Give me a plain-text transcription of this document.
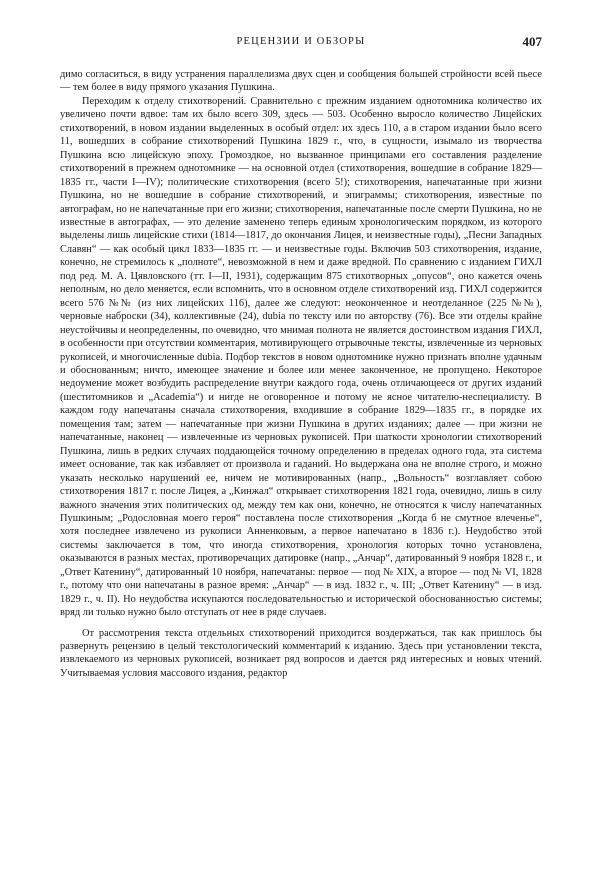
РЕЦЕНЗИИ И ОБЗОРЫ	407

димо согласиться, в виду устранения параллелизма двух сцен и сообщения большей стройности всей пьесе — тем более в виду прямого указания Пушкина.

Переходим к отделу стихотворений. Сравнительно с прежним изданием однотомника количество их увеличено почти вдвое: там их было всего 309, здесь — 503. Особенно выросло количество Лицейских стихотворений, в новом издании выделенных в особый отдел: их здесь 110, а в старом издании было всего 11, вошедших в собрание стихотворений Пушкина 1829 г., что, в сущности, изымало из творчества Пушкина всю лицейскую эпоху. Громоздкое, но вызванное принципами его составления разделение стихотворений в прежнем однотомнике — на основной отдел (стихотворения, вошедшие в собрание 1829—1835 гг., части I—IV); политические стихотворения (всего 5!); стихотворения, напечатанные при жизни Пушкина, но не вошедшие в собрание стихотворений, и эпиграммы; стихотворения, известные по автографам, но не напечатанные при его жизни; стихотворения, напечатанные после смерти Пушкина, но не известные в автографах, — это деление заменено теперь единым хронологическим порядком, из которого выделены лишь лицейские стихи (1814—1817, до окончания Лицея, и неизвестные годы), „Песни Западных Славян“ — как особый цикл 1833—1835 гг. — и неизвестные годы. Включив 503 стихотворения, издание, конечно, не стремилось к „полноте“, невозможной в нем и даже вредной. По сравнению с изданием ГИХЛ под ред. М. А. Цявловского (тт. I—II, 1931), содержащим 875 стихотворных „опусов“, оно кажется очень неполным, но дело меняется, если вспомнить, что в основном отделе стихотворений изд. ГИХЛ содержится всего 576 №№ (из них лицейских 116), далее же следуют: неоконченное и неотделанное (225 №№), черновые наброски (34), коллективные (24), dubia по тексту или по авторству (76). Все эти отделы крайне неустойчивы и неопределенны, по очевидно, что мнимая полнота не является достоинством издания ГИХЛ, в особенности при отсутствии комментария, мотивирующего отрывочные тексты, извлеченные из черновых рукописей, и многочисленные dubia. Подбор текстов в новом однотомнике нужно признать вполне удачным и обоснованным; ничто, имеющее значение и более или менее законченное, не пропущено. Некоторое недоумение может возбудить распределение внутри каждого года, очень отличающееся от других изданий (шеститомников и „Academia“) и нигде не оговоренное и потому не ясное читателю-неспециалисту. В каждом году напечатаны сначала стихотворения, входившие в собрание 1829—1835 гг., в порядке их помещения там; затем — напечатанные при жизни Пушкина в других изданиях; далее — при жизни не напечатанные, наконец — извлеченные из черновых рукописей. При шаткости хронологии стихотворений Пушкина, лишь в редких случаях поддающейся точному определению в пределах одного года, эта система имеет основание, так как избавляет от произвола и гаданий. Но выдержана она не вполне строго, и можно указать несколько нарушений ее, ничем не мотивированных (напр., „Вольность“ возглавляет собою стихотворения 1817 г. после Лицея, а „Кинжал“ открывает стихотворения 1821 года, очевидно, лишь в силу важного значения этих политических од, между тем как они, конечно, не относятся к числу напечатанных Пушкиным; „Родословная моего героя“ поставлена после стихотворения „Когда б не смутное влеченье“, хотя последнее извлечено из рукописи Анненковым, а первое напечатано в 1836 г.). Неудобство этой системы заключается в том, что иногда стихотворения, хронология которых точно установлена, оказываются в разных местах, противоречащих датировке (напр., „Анчар“, датированный 9 ноября 1828 г., и „Ответ Катенину“, датированный 10 ноября, напечатаны: первое — под № XIX, а второе — под № VI, 1828 г., потому что они напечатаны в разное время: „Анчар“ — в изд. 1832 г., ч. III; „Ответ Катенину“ — в изд. 1829 г., ч. II). Но неудобства искупаются последовательностью и исторической обоснованностью системы; вряд ли только нужно было отступать от нее в ряде случаев.

От рассмотрения текста отдельных стихотворений приходится воздержаться, так как пришлось бы развернуть рецензию в целый текстологический комментарий к изданию. Здесь при установлении текста, извлекаемого из черновых рукописей, возникает ряд вопросов и дается ряд интересных и новых чтений. Учитываемая условия массового издания, редактор
